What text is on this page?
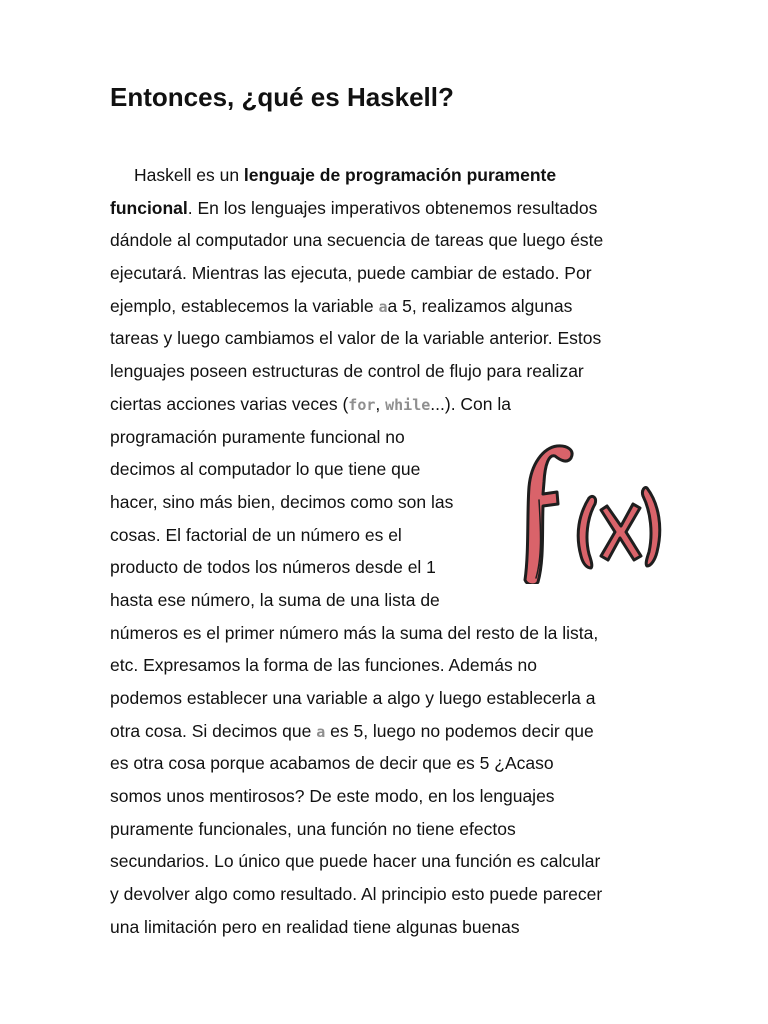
Entonces, ¿qué es Haskell?
Haskell es un lenguaje de programación puramente
funcional. En los lenguajes imperativos obtenemos resultados
dándole al computador una secuencia de tareas que luego éste
ejecutará. Mientras las ejecuta, puede cambiar de estado. Por
ejemplo, establecemos la variable aa 5, realizamos algunas
tareas y luego cambiamos el valor de la variable anterior. Estos
lenguajes poseen estructuras de control de flujo para realizar
ciertas acciones varias veces (for, while...). Con la
programación puramente funcional no
decimos al computador lo que tiene que
hacer, sino más bien, decimos como son las
cosas. El factorial de un número es el
producto de todos los números desde el 1
hasta ese número, la suma de una lista de
números es el primer número más la suma del resto de la lista,
etc. Expresamos la forma de las funciones. Además no
podemos establecer una variable a algo y luego establecerla a
otra cosa. Si decimos que a es 5, luego no podemos decir que
es otra cosa porque acabamos de decir que es 5 ¿Acaso
somos unos mentirosos? De este modo, en los lenguajes
puramente funcionales, una función no tiene efectos
secundarios. Lo único que puede hacer una función es calcular
y devolver algo como resultado. Al principio esto puede parecer
una limitación pero en realidad tiene algunas buenas
